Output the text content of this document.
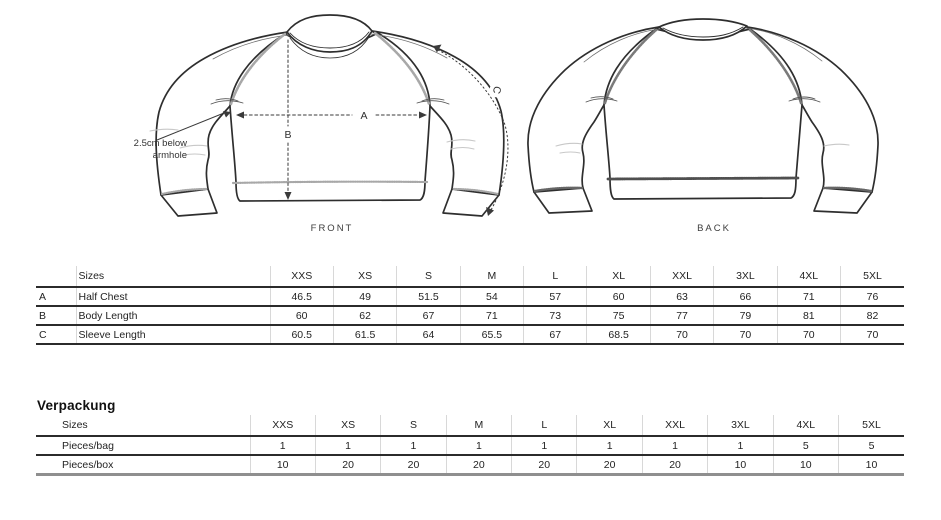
A
B
C
2.5cm below
armhole
FRONT	BACK
	Sizes	XXS	XS	S	M	L	XL	XXL	3XL	4XL	5XL
A	Half Chest	46.5	49	51.5	54	57	60	63	66	71	76
B	Body Length	60	62	67	71	73	75	77	79	81	82
C	Sleeve Length	60.5	61.5	64	65.5	67	68.5	70	70	70	70
Verpackung
Sizes	XXS	XS	S	M	L	XL	XXL	3XL	4XL	5XL
Pieces/bag	1	1	1	1	1	1	1	1	5	5
Pieces/box	10	20	20	20	20	20	20	10	10	10
